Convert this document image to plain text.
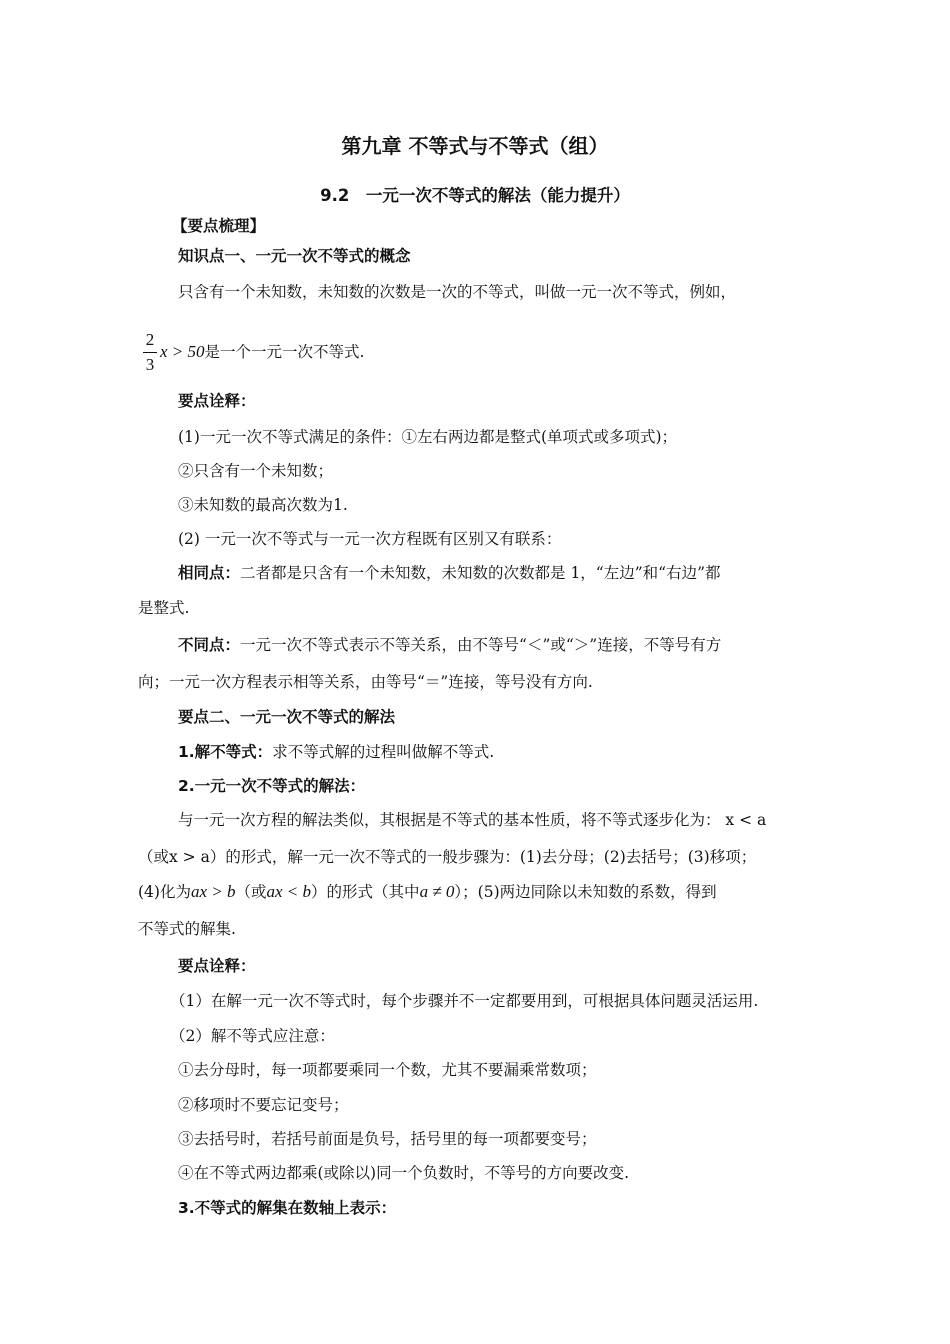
第九章 不等式与不等式（组）
9.2　一元一次不等式的解法（能力提升）
【要点梳理】
知识点一、一元一次不等式的概念
只含有一个未知数，未知数的次数是一次的不等式，叫做一元一次不等式，例如，
2
3
x > 50是一个一元一次不等式.
要点诠释：
(1)一元一次不等式满足的条件：①左右两边都是整式(单项式或多项式)；
②只含有一个未知数；
③未知数的最高次数为1.
(2) 一元一次不等式与一元一次方程既有区别又有联系：
相同点：二者都是只含有一个未知数，未知数的次数都是 1，“左边”和“右边”都
是整式.
不同点：一元一次不等式表示不等关系，由不等号“＜”或“＞”连接，不等号有方
向；一元一次方程表示相等关系，由等号“＝”连接，等号没有方向.
要点二、一元一次不等式的解法
1.解不等式：求不等式解的过程叫做解不等式.
2.一元一次不等式的解法：
与一元一次方程的解法类似，其根据是不等式的基本性质，将不等式逐步化为： x < a
（或x > a）的形式，解一元一次不等式的一般步骤为：(1)去分母；(2)去括号；(3)移项；
(4)化为ax > b（或ax < b）的形式（其中a ≠ 0）；(5)两边同除以未知数的系数，得到
不等式的解集.
要点诠释：
（1）在解一元一次不等式时，每个步骤并不一定都要用到，可根据具体问题灵活运用.
（2）解不等式应注意：
①去分母时，每一项都要乘同一个数，尤其不要漏乘常数项；
②移项时不要忘记变号；
③去括号时，若括号前面是负号，括号里的每一项都要变号；
④在不等式两边都乘(或除以)同一个负数时，不等号的方向要改变.
3.不等式的解集在数轴上表示：
